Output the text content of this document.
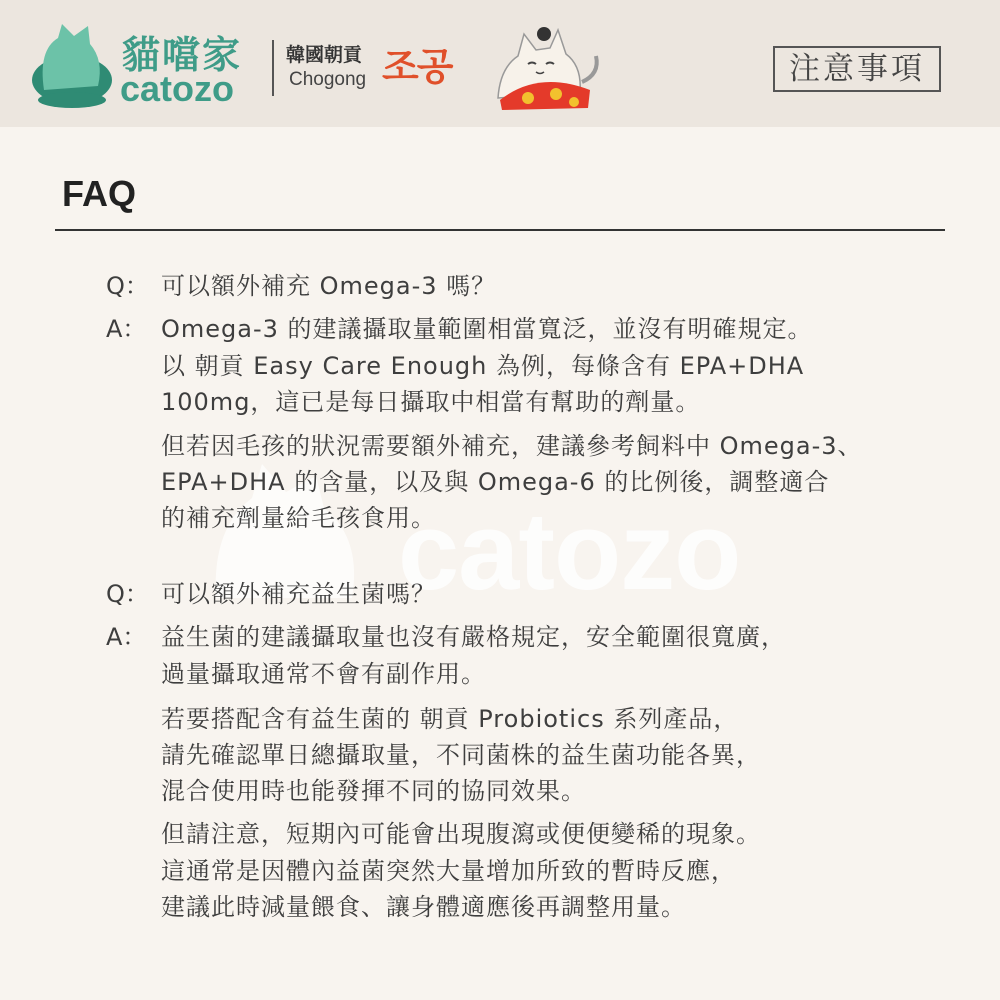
貓噹家
catozo
韓國朝貢
Chogong 조공	注意事項
FAQ
catozo
Q： 可以額外補充 Omega-3 嗎？
A： Omega-3 的建議攝取量範圍相當寬泛，並沒有明確規定。
以 朝貢 Easy Care Enough 為例，每條含有 EPA+DHA
100mg，這已是每日攝取中相當有幫助的劑量。
但若因毛孩的狀況需要額外補充，建議參考飼料中 Omega-3、
EPA+DHA 的含量，以及與 Omega-6 的比例後，調整適合
的補充劑量給毛孩食用。
Q： 可以額外補充益生菌嗎？
A： 益生菌的建議攝取量也沒有嚴格規定，安全範圍很寬廣，
過量攝取通常不會有副作用。
若要搭配含有益生菌的 朝貢 Probiotics 系列產品，
請先確認單日總攝取量，不同菌株的益生菌功能各異，
混合使用時也能發揮不同的協同效果。
但請注意，短期內可能會出現腹瀉或便便變稀的現象。
這通常是因體內益菌突然大量增加所致的暫時反應，
建議此時減量餵食、讓身體適應後再調整用量。
